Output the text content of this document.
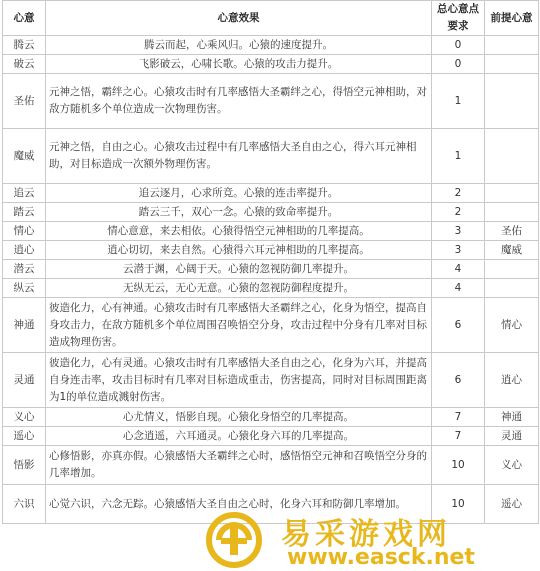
心意	心意效果	总心意点要求	前提心意
腾云	腾云而起，心乘风归。心猿的速度提升。	0	
破云	飞影破云，心啸长歌。心猿的攻击力提升。	0	
圣佑	元神之悟，霸绊之心。心猿攻击时有几率感悟大圣霸绊之心，得悟空元神相助，对敌方随机多个单位造成一次物理伤害。	1	
魔威	元神之悟，自由之心。心猿攻击过程中有几率感悟大圣自由之心，得六耳元神相助，对目标造成一次额外物理伤害。	1	
追云	追云逐月，心求所竞。心猿的连击率提升。	2	
踏云	踏云三千，双心一念。心猿的致命率提升。	2	
情心	情心意意，来去相依。心猿得悟空元神相助的几率提高。	3	圣佑
逍心	逍心切切，来去自然。心猿得六耳元神相助的几率提高。	3	魔威
潜云	云潜于渊，心阔于天。心猿的忽视防御几率提升。	4	
纵云	无纵无云，无心无意。心猿的忽视防御程度提升。	4	
神通	彼造化力，心有神通。心猿攻击时有几率感悟大圣霸绊之心，化身为悟空，提高自身攻击力，在敌方随机多个单位周围召唤悟空分身，攻击过程中分身有几率对目标造成物理伤害。	6	情心
灵通	彼造化力，心有灵通。心猿攻击时有几率感悟大圣自由之心，化身为六耳，并提高自身连击率，攻击目标时有几率对目标造成重击，伤害提高，同时对目标周围距离为1的单位造成溅射伤害。	6	逍心
义心	心尤情义，悟影自现。心猿化身悟空的几率提高。	7	神通
遥心	心念逍遥，六耳通灵。心猿化身六耳的几率提高。	7	灵通
悟影	心修悟影，亦真亦假。心猿感悟大圣霸绊之心时，感悟悟空元神和召唤悟空分身的几率增加。	10	义心
六识	心觉六识，六念无踪。心猿感悟大圣自由之心时，化身六耳和防御几率增加。	10	遥心
易采游戏网
www.easck.net
